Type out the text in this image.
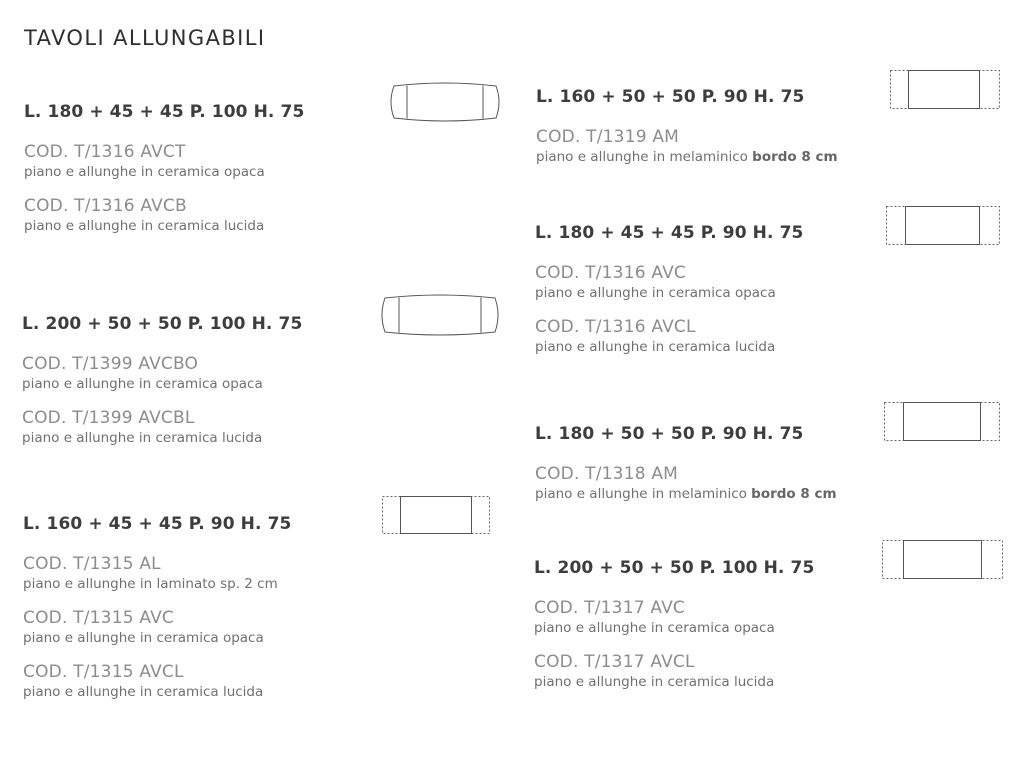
TAVOLI ALLUNGABILI
L. 180 + 45 + 45 P. 100 H. 75
COD. T/1316 AVCT
piano e allunghe in ceramica opaca
COD. T/1316 AVCB
piano e allunghe in ceramica lucida
L. 200 + 50 + 50 P. 100 H. 75
COD. T/1399 AVCBO
piano e allunghe in ceramica opaca
COD. T/1399 AVCBL
piano e allunghe in ceramica lucida
L. 160 + 45 + 45 P. 90 H. 75
COD. T/1315 AL
piano e allunghe in laminato sp. 2 cm
COD. T/1315 AVC
piano e allunghe in ceramica opaca
COD. T/1315 AVCL
piano e allunghe in ceramica lucida
L. 160 + 50 + 50 P. 90 H. 75
COD. T/1319 AM
piano e allunghe in melaminico bordo 8 cm
L. 180 + 45 + 45 P. 90 H. 75
COD. T/1316 AVC
piano e allunghe in ceramica opaca
COD. T/1316 AVCL
piano e allunghe in ceramica lucida
L. 180 + 50 + 50 P. 90 H. 75
COD. T/1318 AM
piano e allunghe in melaminico bordo 8 cm
L. 200 + 50 + 50 P. 100 H. 75
COD. T/1317 AVC
piano e allunghe in ceramica opaca
COD. T/1317 AVCL
piano e allunghe in ceramica lucida
